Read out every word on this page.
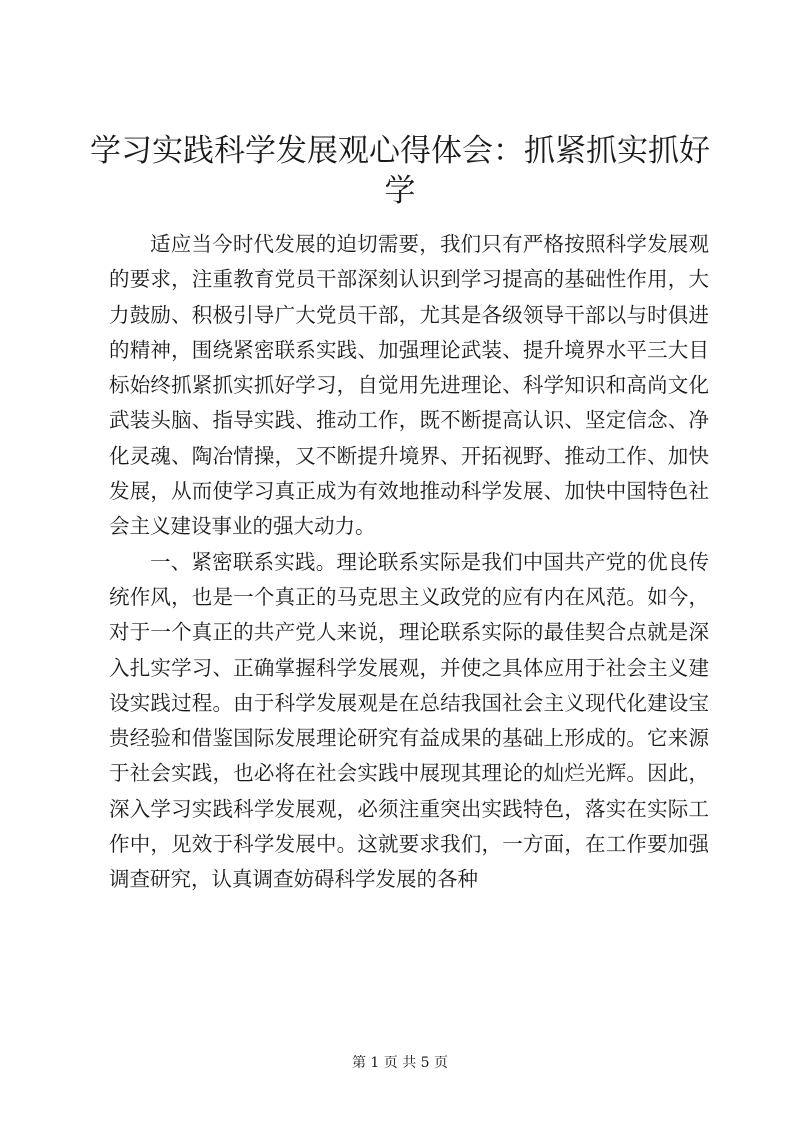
学习实践科学发展观心得体会：抓紧抓实抓好学

适应当今时代发展的迫切需要，我们只有严格按照科学发展观的要求，注重教育党员干部深刻认识到学习提高的基础性作用，大力鼓励、积极引导广大党员干部，尤其是各级领导干部以与时俱进的精神，围绕紧密联系实践、加强理论武装、提升境界水平三大目标始终抓紧抓实抓好学习，自觉用先进理论、科学知识和高尚文化武装头脑、指导实践、推动工作，既不断提高认识、坚定信念、净化灵魂、陶冶情操，又不断提升境界、开拓视野、推动工作、加快发展，从而使学习真正成为有效地推动科学发展、加快中国特色社会主义建设事业的强大动力。

一、紧密联系实践。理论联系实际是我们中国共产党的优良传统作风，也是一个真正的马克思主义政党的应有内在风范。如今，对于一个真正的共产党人来说，理论联系实际的最佳契合点就是深入扎实学习、正确掌握科学发展观，并使之具体应用于社会主义建设实践过程。由于科学发展观是在总结我国社会主义现代化建设宝贵经验和借鉴国际发展理论研究有益成果的基础上形成的。它来源于社会实践，也必将在社会实践中展现其理论的灿烂光辉。因此，深入学习实践科学发展观，必须注重突出实践特色，落实在实际工作中，见效于科学发展中。这就要求我们，一方面，在工作要加强调查研究，认真调查妨碍科学发展的各种

第 1 页 共 5 页
